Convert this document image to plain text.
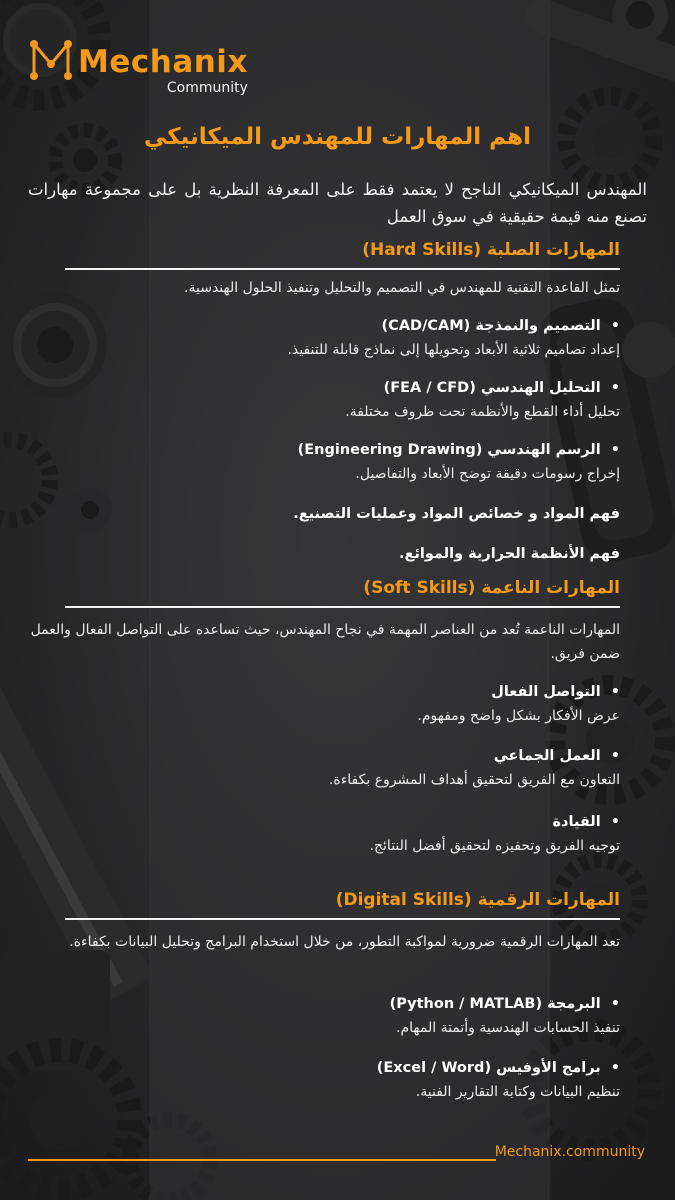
Mechanix
Community
اهم المهارات للمهندس الميكانيكي
المهندس الميكانيكي الناجح لا يعتمد فقط على المعرفة النظرية بل على مجموعة مهارات تصنع منه قيمة حقيقية في سوق العمل
المهارات الصلبة (Hard Skills)
تمثل القاعدة التقنية للمهندس في التصميم والتحليل وتنفيذ الحلول الهندسية.
•التصميم والنمذجة (CAD/CAM)
إعداد تصاميم ثلاثية الأبعاد وتحويلها إلى نماذج قابلة للتنفيذ.
•التحليل الهندسي (FEA / CFD)
تحليل أداء القطع والأنظمة تحت ظروف مختلفة.
•الرسم الهندسي (Engineering Drawing)
إخراج رسومات دقيقة توضح الأبعاد والتفاصيل.
فهم المواد و خصائص المواد وعمليات التصنيع.
فهم الأنظمة الحرارية والموائع.
المهارات الناعمة (Soft Skills)
المهارات الناعمة تُعد من العناصر المهمة في نجاح المهندس، حيث تساعده على التواصل الفعال والعمل ضمن فريق.
•التواصل الفعال
عرض الأفكار بشكل واضح ومفهوم.
•العمل الجماعي
التعاون مع الفريق لتحقيق أهداف المشروع بكفاءة.
•القيادة
توجيه الفريق وتحفيزه لتحقيق أفضل النتائج.
المهارات الرقمية (Digital Skills)
تعد المهارات الرقمية ضرورية لمواكبة التطور، من خلال استخدام البرامج وتحليل البيانات بكفاءة.
•البرمجة (Python / MATLAB)
تنفيذ الحسابات الهندسية وأتمتة المهام.
•برامج الأوفيس (Excel / Word)
تنظيم البيانات وكتابة التقارير الفنية.
Mechanix.community
